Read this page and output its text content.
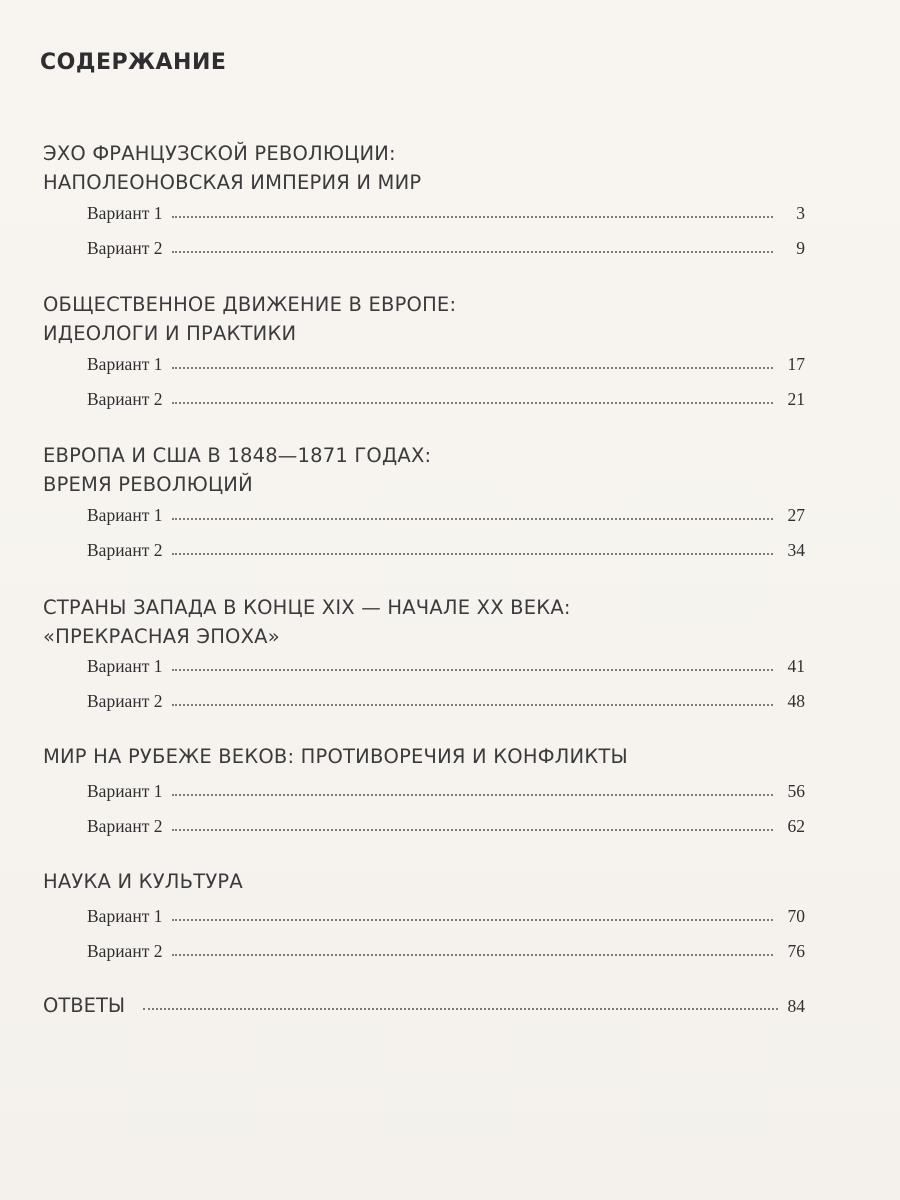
СОДЕРЖАНИЕ
ЭХО ФРАНЦУЗСКОЙ РЕВОЛЮЦИИ:
НАПОЛЕОНОВСКАЯ ИМПЕРИЯ И МИР
Вариант 1	3
Вариант 2	9
ОБЩЕСТВЕННОЕ ДВИЖЕНИЕ В ЕВРОПЕ:
ИДЕОЛОГИ И ПРАКТИКИ
Вариант 1	17
Вариант 2	21
ЕВРОПА И США В 1848—1871 ГОДАХ:
ВРЕМЯ РЕВОЛЮЦИЙ
Вариант 1	27
Вариант 2	34
СТРАНЫ ЗАПАДА В КОНЦЕ XIX — НАЧАЛЕ XX ВЕКА:
«ПРЕКРАСНАЯ ЭПОХА»
Вариант 1	41
Вариант 2	48
МИР НА РУБЕЖЕ ВЕКОВ: ПРОТИВОРЕЧИЯ И КОНФЛИКТЫ
Вариант 1	56
Вариант 2	62
НАУКА И КУЛЬТУРА
Вариант 1	70
Вариант 2	76
ОТВЕТЫ	84
